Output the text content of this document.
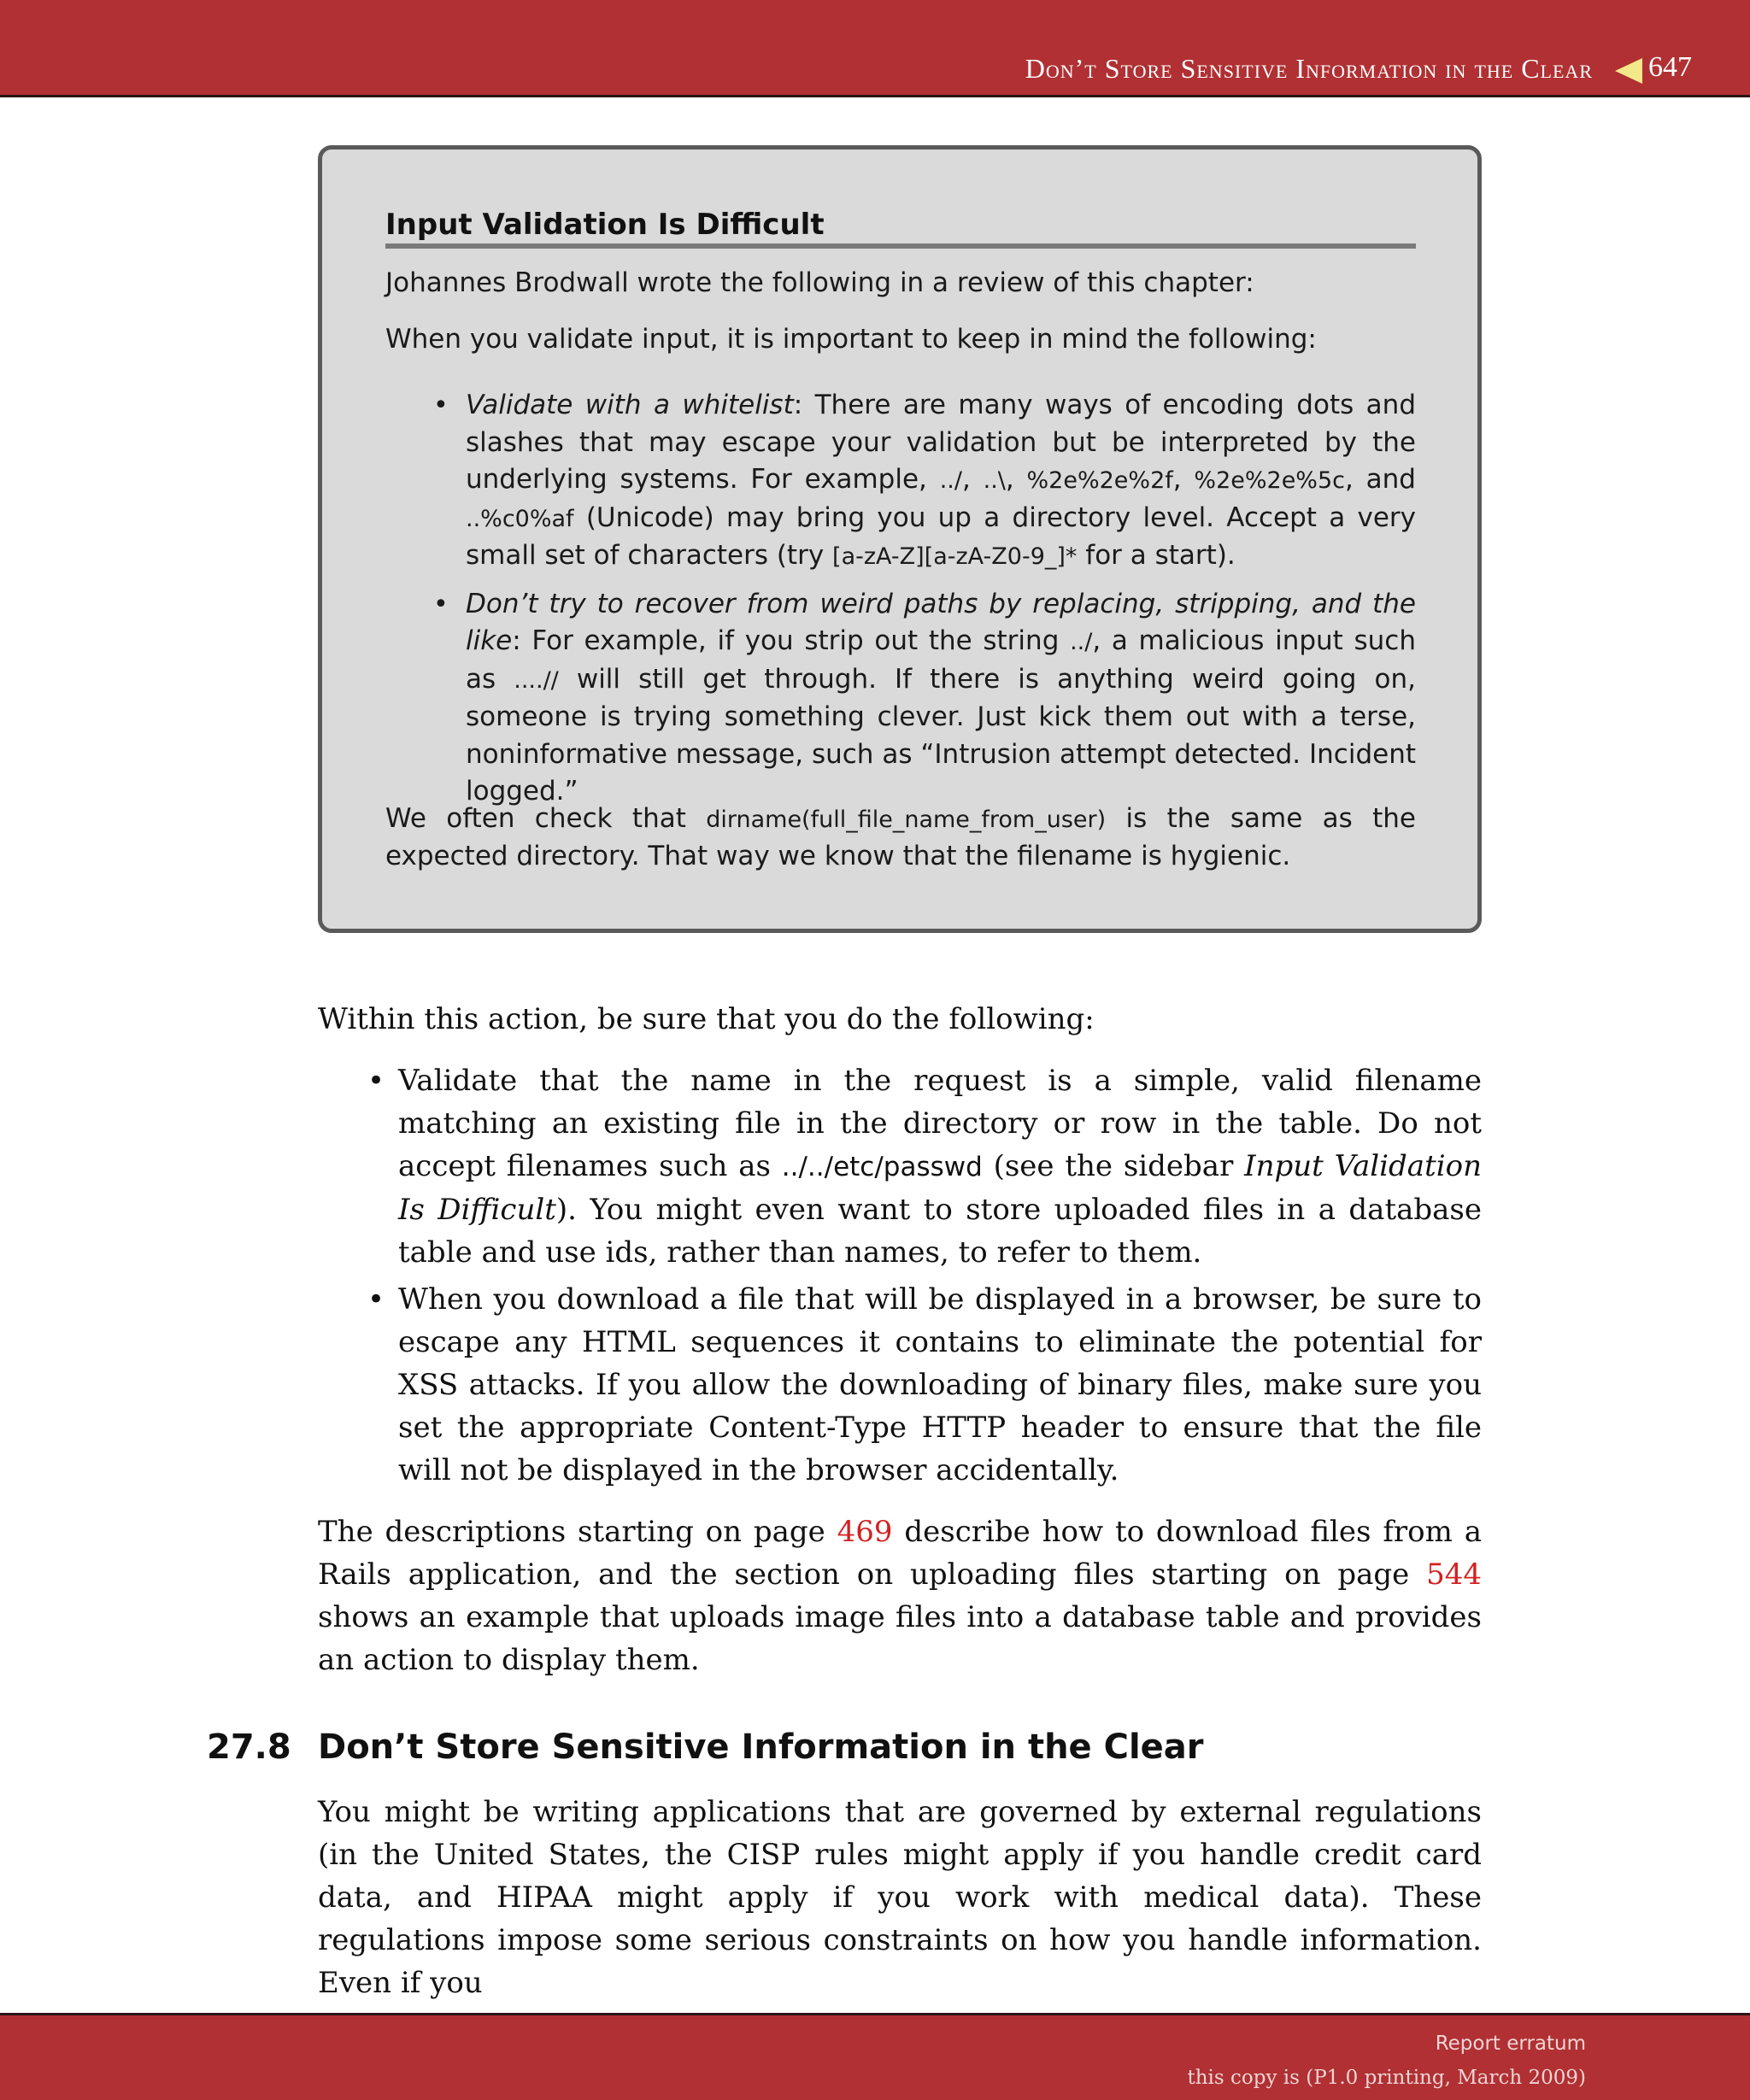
Don’t Store Sensitive Information in the Clear 647
Input Validation Is Difficult
Johannes Brodwall wrote the following in a review of this chapter:
When you validate input, it is important to keep in mind the following:
• Validate with a whitelist: There are many ways of encoding dots and slashes that may escape your validation but be interpreted by the underlying systems. For example, ../, ..\, %2e%2e%2f, %2e%2e%5c, and ..%c0%af (Unicode) may bring you up a directory level. Accept a very small set of characters (try [a-zA-Z][a-zA-Z0-9_]* for a start).
• Don’t try to recover from weird paths by replacing, stripping, and the like: For example, if you strip out the string ../, a malicious input such as ....// will still get through. If there is anything weird going on, someone is trying something clever. Just kick them out with a terse, noninformative message, such as “Intrusion attempt detected. Incident logged.”
We often check that dirname(full_file_name_from_user) is the same as the expected directory. That way we know that the filename is hygienic.
Within this action, be sure that you do the following:
• Validate that the name in the request is a simple, valid filename matching an existing file in the directory or row in the table. Do not accept filenames such as ../../etc/passwd (see the sidebar Input Validation Is Difficult). You might even want to store uploaded files in a database table and use ids, rather than names, to refer to them.
• When you download a file that will be displayed in a browser, be sure to escape any HTML sequences it contains to eliminate the potential for XSS attacks. If you allow the downloading of binary files, make sure you set the appropriate Content-Type HTTP header to ensure that the file will not be displayed in the browser accidentally.
The descriptions starting on page 469 describe how to download files from a Rails application, and the section on uploading files starting on page 544 shows an example that uploads image files into a database table and provides an action to display them.
27.8 Don’t Store Sensitive Information in the Clear
You might be writing applications that are governed by external regulations (in the United States, the CISP rules might apply if you handle credit card data, and HIPAA might apply if you work with medical data). These regulations impose some serious constraints on how you handle information. Even if you
Report erratum
this copy is (P1.0 printing, March 2009)
